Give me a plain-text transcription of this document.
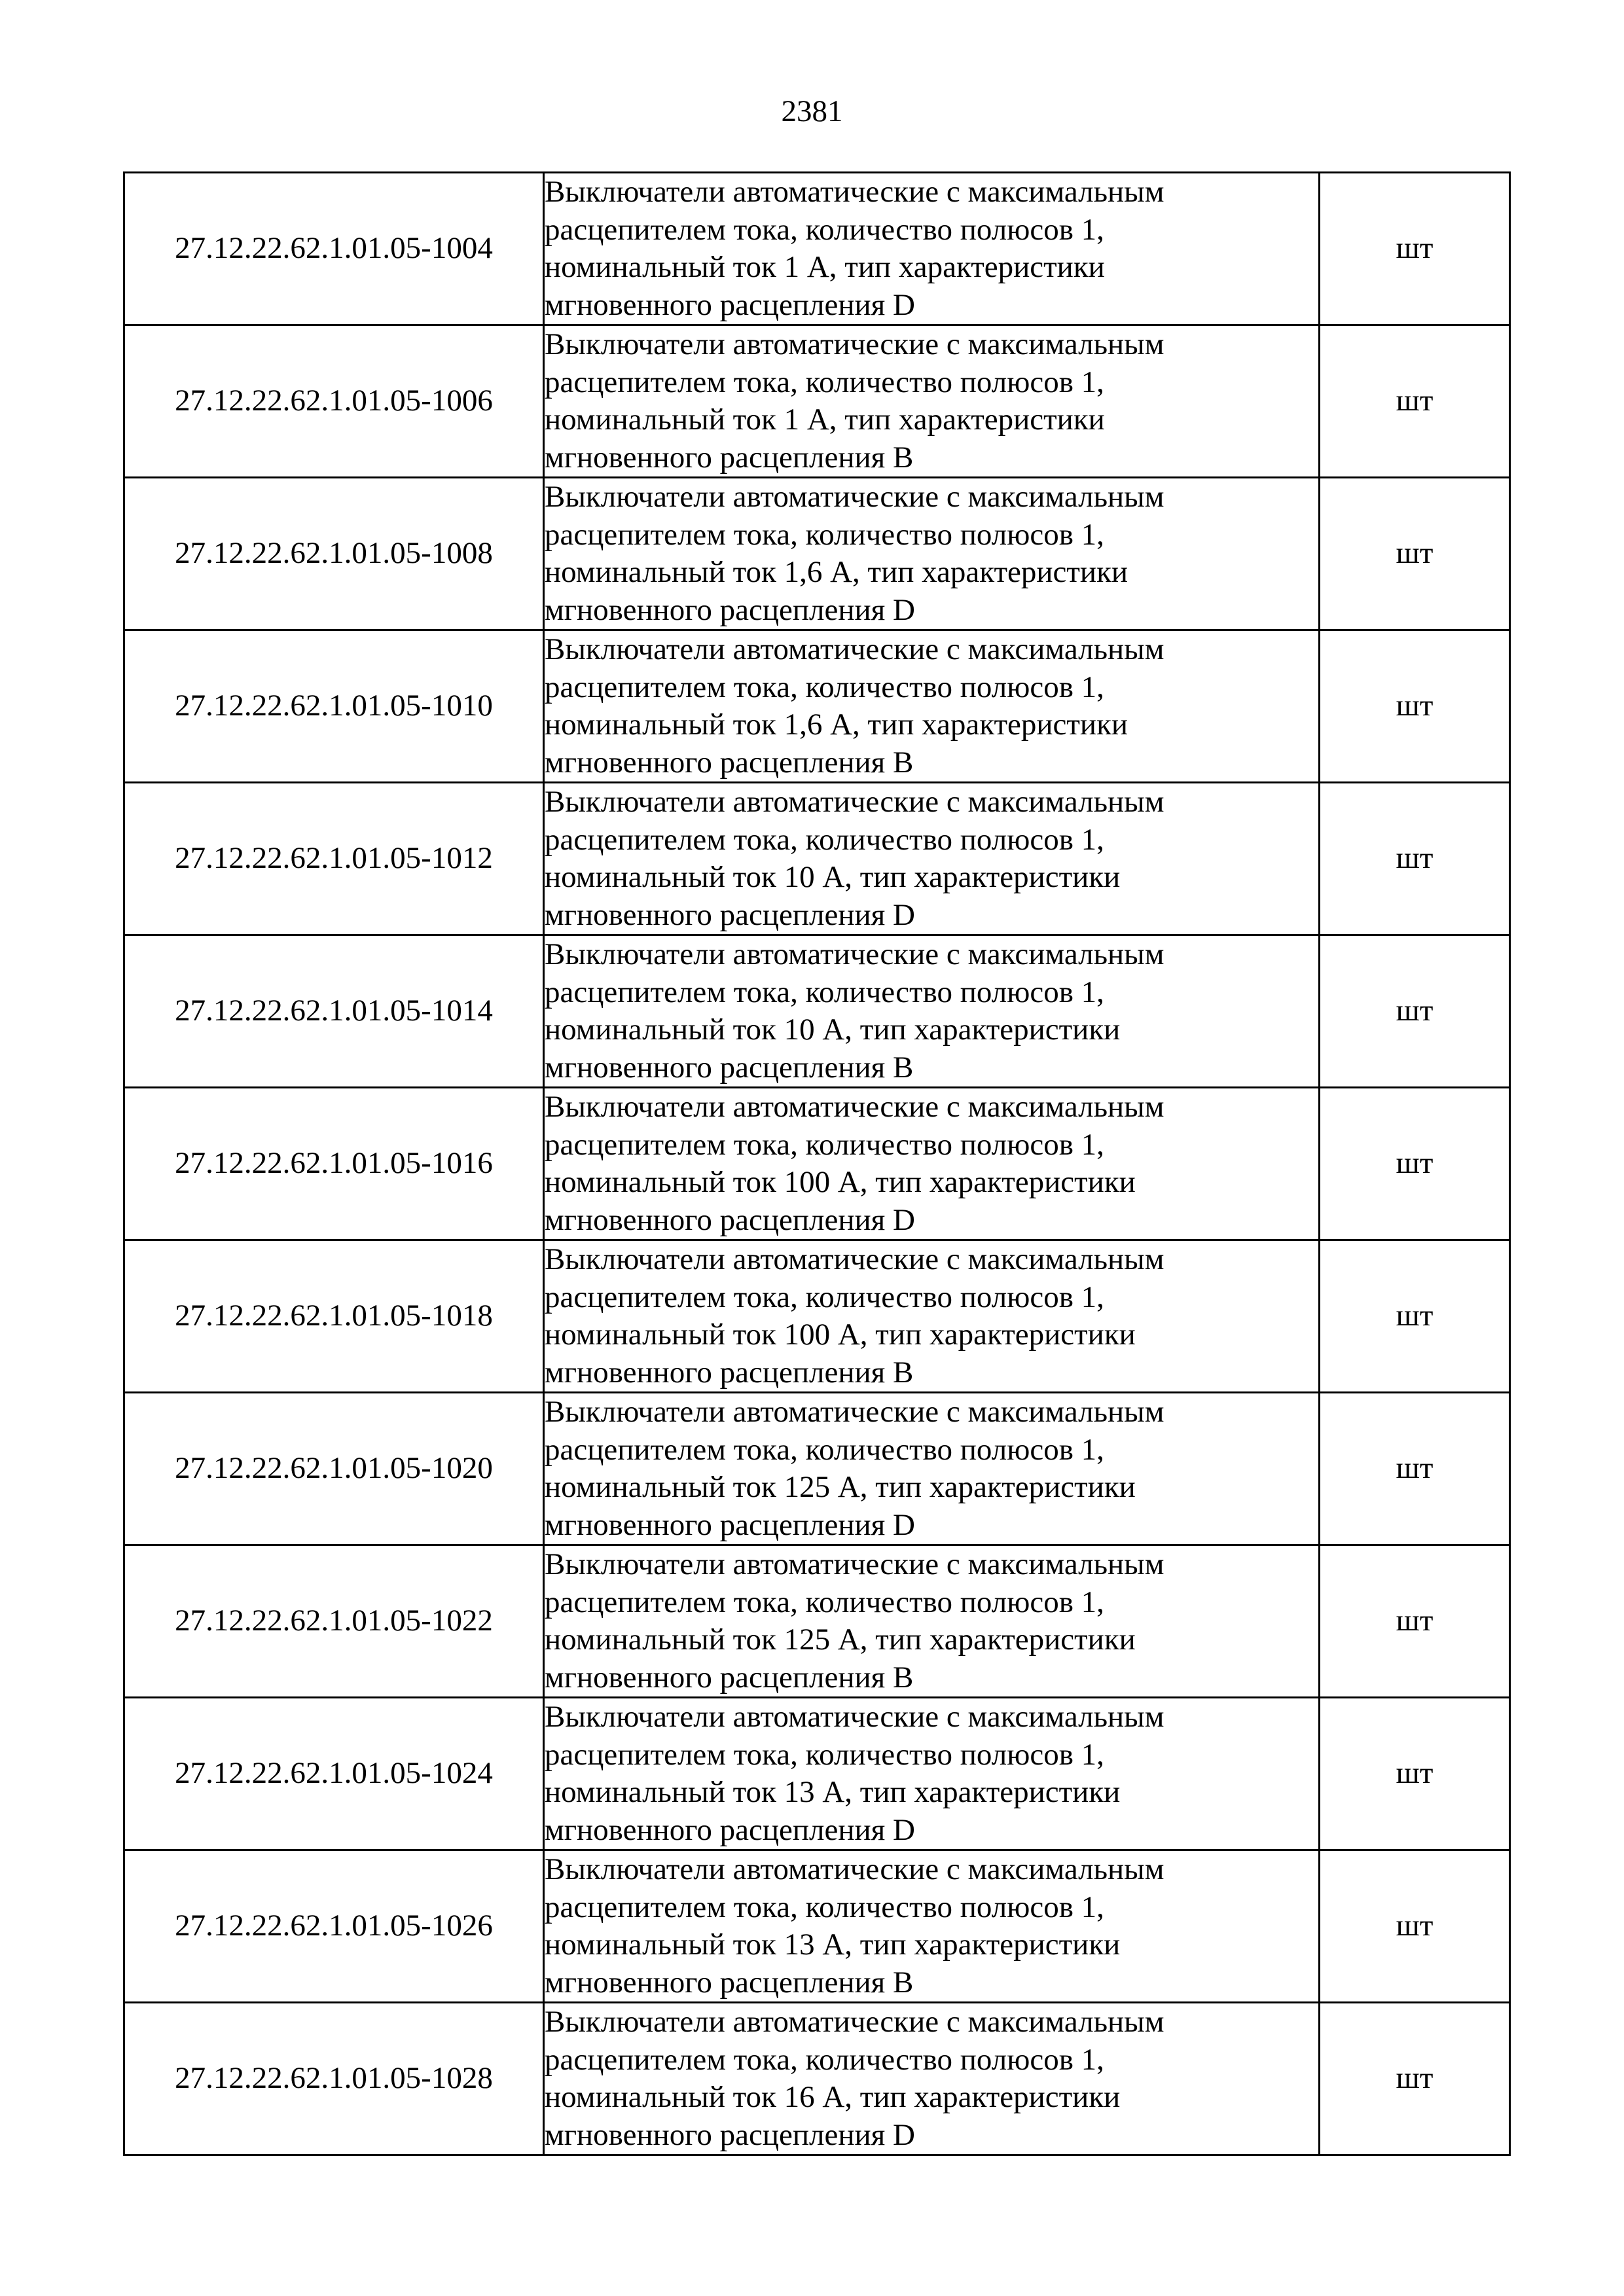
2381
27.12.22.62.1.01.05-1004	Выключатели автоматические с максимальным
расцепителем тока, количество полюсов 1,
номинальный ток 1 А, тип характеристики
мгновенного расцепления D	шт
27.12.22.62.1.01.05-1006	Выключатели автоматические с максимальным
расцепителем тока, количество полюсов 1,
номинальный ток 1 А, тип характеристики
мгновенного расцепления В	шт
27.12.22.62.1.01.05-1008	Выключатели автоматические с максимальным
расцепителем тока, количество полюсов 1,
номинальный ток 1,6 А, тип характеристики
мгновенного расцепления D	шт
27.12.22.62.1.01.05-1010	Выключатели автоматические с максимальным
расцепителем тока, количество полюсов 1,
номинальный ток 1,6 А, тип характеристики
мгновенного расцепления В	шт
27.12.22.62.1.01.05-1012	Выключатели автоматические с максимальным
расцепителем тока, количество полюсов 1,
номинальный ток 10 А, тип характеристики
мгновенного расцепления D	шт
27.12.22.62.1.01.05-1014	Выключатели автоматические с максимальным
расцепителем тока, количество полюсов 1,
номинальный ток 10 А, тип характеристики
мгновенного расцепления В	шт
27.12.22.62.1.01.05-1016	Выключатели автоматические с максимальным
расцепителем тока, количество полюсов 1,
номинальный ток 100 А, тип характеристики
мгновенного расцепления D	шт
27.12.22.62.1.01.05-1018	Выключатели автоматические с максимальным
расцепителем тока, количество полюсов 1,
номинальный ток 100 А, тип характеристики
мгновенного расцепления В	шт
27.12.22.62.1.01.05-1020	Выключатели автоматические с максимальным
расцепителем тока, количество полюсов 1,
номинальный ток 125 А, тип характеристики
мгновенного расцепления D	шт
27.12.22.62.1.01.05-1022	Выключатели автоматические с максимальным
расцепителем тока, количество полюсов 1,
номинальный ток 125 А, тип характеристики
мгновенного расцепления В	шт
27.12.22.62.1.01.05-1024	Выключатели автоматические с максимальным
расцепителем тока, количество полюсов 1,
номинальный ток 13 А, тип характеристики
мгновенного расцепления D	шт
27.12.22.62.1.01.05-1026	Выключатели автоматические с максимальным
расцепителем тока, количество полюсов 1,
номинальный ток 13 А, тип характеристики
мгновенного расцепления В	шт
27.12.22.62.1.01.05-1028	Выключатели автоматические с максимальным
расцепителем тока, количество полюсов 1,
номинальный ток 16 А, тип характеристики
мгновенного расцепления D	шт
